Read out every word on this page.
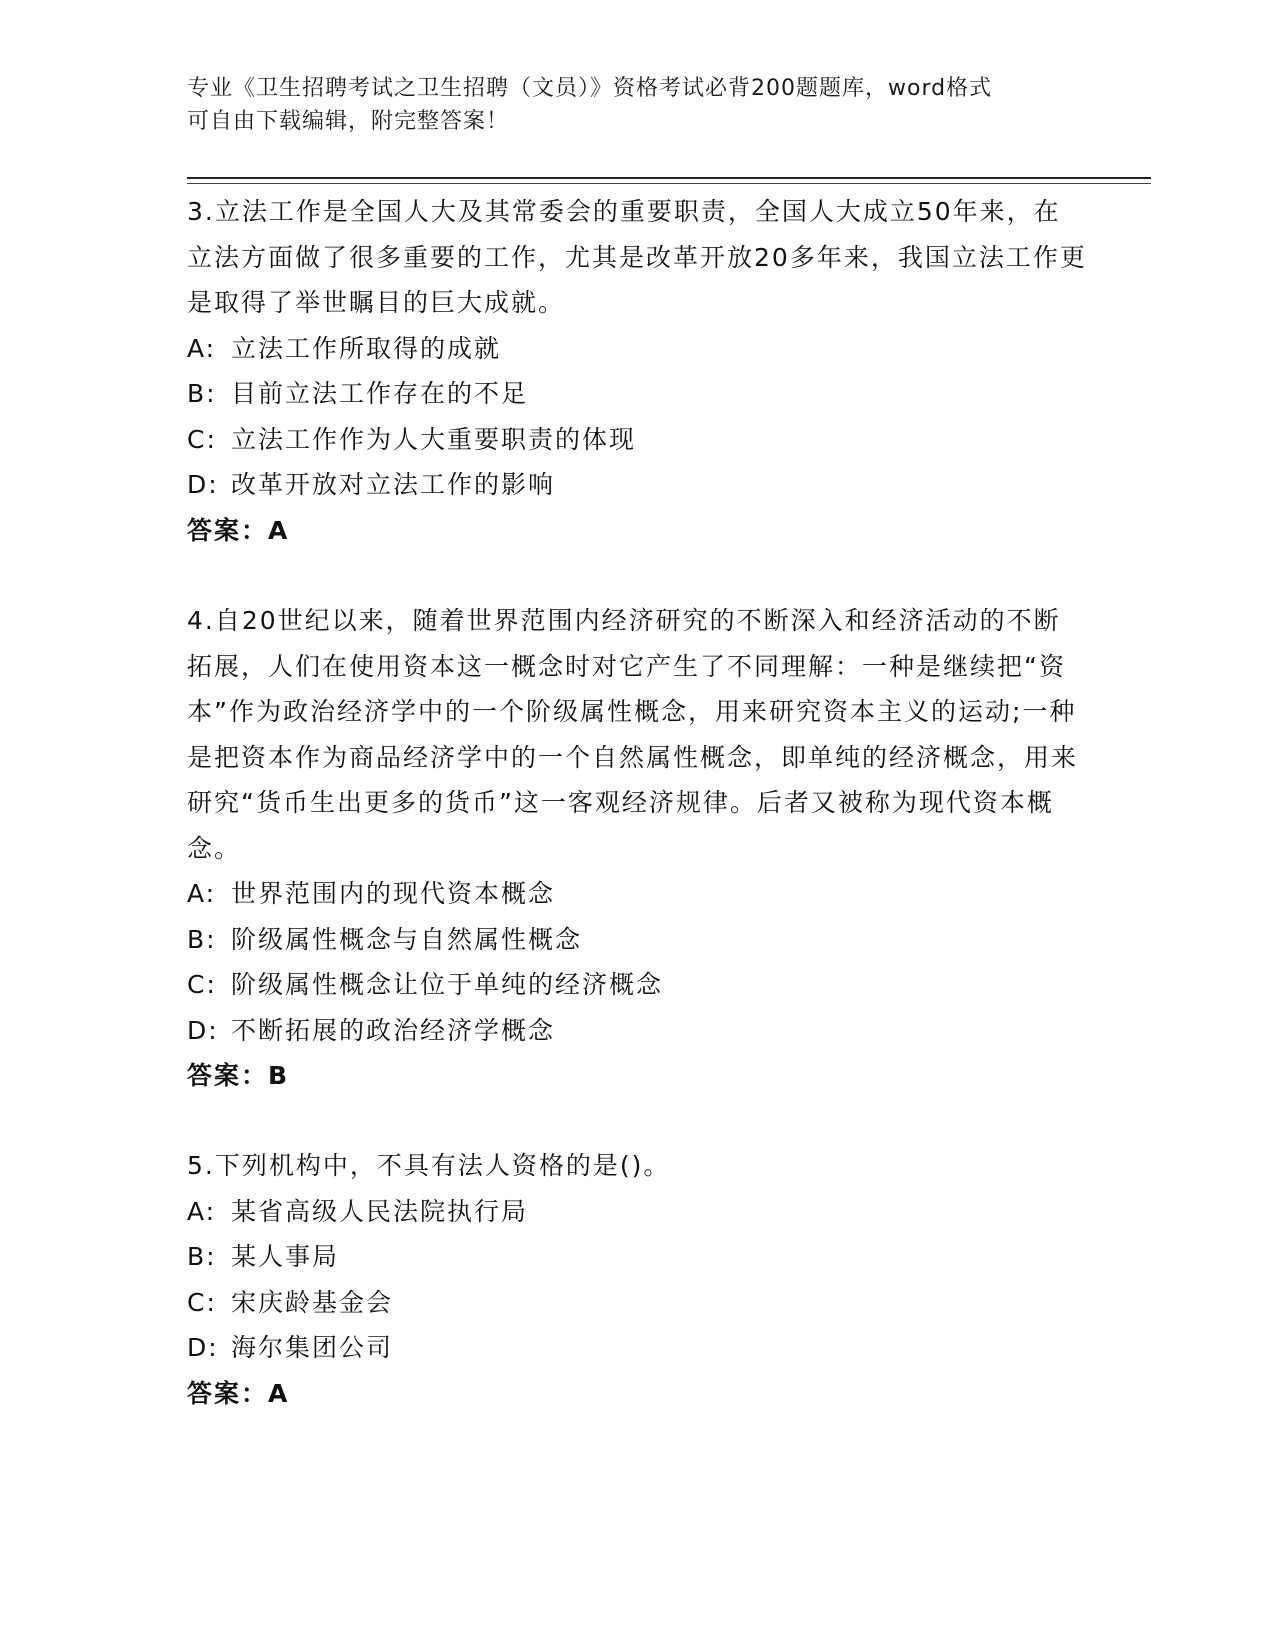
专业《卫生招聘考试之卫生招聘（文员）》资格考试必背200题题库，word格式
可自由下载编辑，附完整答案！

3.立法工作是全国人大及其常委会的重要职责，全国人大成立50年来，在立法方面做了很多重要的工作，尤其是改革开放20多年来，我国立法工作更是取得了举世瞩目的巨大成就。

A: 立法工作所取得的成就

B: 目前立法工作存在的不足

C: 立法工作作为人大重要职责的体现

D: 改革开放对立法工作的影响

答案：A

4.自20世纪以来，随着世界范围内经济研究的不断深入和经济活动的不断拓展，人们在使用资本这一概念时对它产生了不同理解：一种是继续把“资本”作为政治经济学中的一个阶级属性概念，用来研究资本主义的运动;一种是把资本作为商品经济学中的一个自然属性概念，即单纯的经济概念，用来研究“货币生出更多的货币”这一客观经济规律。后者又被称为现代资本概念。

A: 世界范围内的现代资本概念

B: 阶级属性概念与自然属性概念

C: 阶级属性概念让位于单纯的经济概念

D: 不断拓展的政治经济学概念

答案：B

5.下列机构中，不具有法人资格的是()。

A: 某省高级人民法院执行局

B: 某人事局

C: 宋庆龄基金会

D: 海尔集团公司

答案：A
